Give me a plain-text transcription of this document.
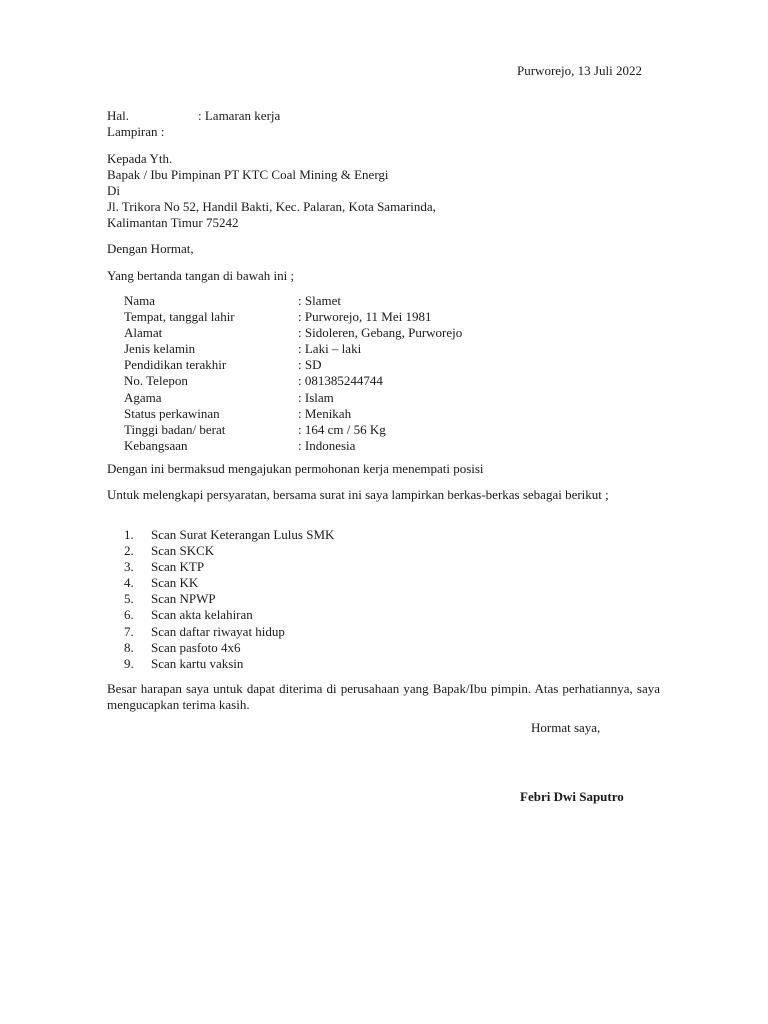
Purworejo, 13 Juli 2022
Hal.	: Lamaran kerja
Lampiran :
Kepada Yth.
Bapak / Ibu Pimpinan PT KTC Coal Mining & Energi
Di
Jl. Trikora No 52, Handil Bakti, Kec. Palaran, Kota Samarinda,
Kalimantan Timur 75242
Dengan Hormat,
Yang bertanda tangan di bawah ini ;
Nama	: Slamet
Tempat, tanggal lahir	: Purworejo, 11 Mei 1981
Alamat	: Sidoleren, Gebang, Purworejo
Jenis kelamin	: Laki – laki
Pendidikan terakhir	: SD
No. Telepon	: 081385244744
Agama	: Islam
Status perkawinan	: Menikah
Tinggi badan/ berat	: 164 cm / 56 Kg
Kebangsaan	: Indonesia
Dengan ini bermaksud mengajukan permohonan kerja menempati posisi
Untuk melengkapi persyaratan, bersama surat ini saya lampirkan berkas-berkas sebagai berikut ;
1. Scan Surat Keterangan Lulus SMK
2. Scan SKCK
3. Scan KTP
4. Scan KK
5. Scan NPWP
6. Scan akta kelahiran
7. Scan daftar riwayat hidup
8. Scan pasfoto 4x6
9. Scan kartu vaksin
Besar harapan saya untuk dapat diterima di perusahaan yang Bapak/Ibu pimpin. Atas perhatiannya, saya mengucapkan terima kasih.
Hormat saya,
Febri Dwi Saputro
